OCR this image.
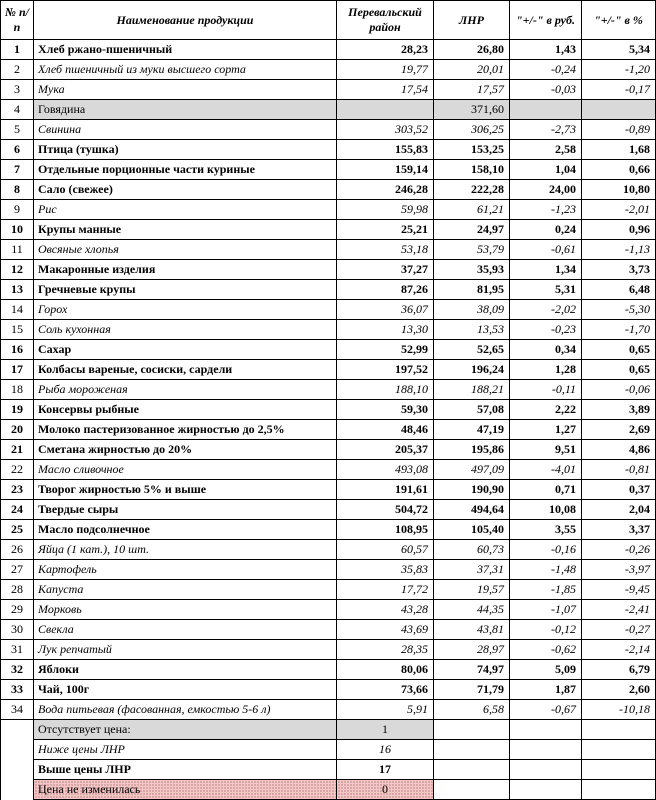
№ п/п	Наименование продукции	Перевальский район	ЛНР	"+/-" в руб.	"+/-" в %
1	Хлеб ржано-пшеничный	28,23	26,80	1,43	5,34
2	Хлеб пшеничный из муки высшего сорта	19,77	20,01	-0,24	-1,20
3	Мука	17,54	17,57	-0,03	-0,17
4	Говядина		371,60		
5	Свинина	303,52	306,25	-2,73	-0,89
6	Птица (тушка)	155,83	153,25	2,58	1,68
7	Отдельные порционные части куриные	159,14	158,10	1,04	0,66
8	Сало (свежее)	246,28	222,28	24,00	10,80
9	Рис	59,98	61,21	-1,23	-2,01
10	Крупы манные	25,21	24,97	0,24	0,96
11	Овсяные хлопья	53,18	53,79	-0,61	-1,13
12	Макаронные изделия	37,27	35,93	1,34	3,73
13	Гречневые крупы	87,26	81,95	5,31	6,48
14	Горох	36,07	38,09	-2,02	-5,30
15	Соль кухонная	13,30	13,53	-0,23	-1,70
16	Сахар	52,99	52,65	0,34	0,65
17	Колбасы вареные, сосиски, сардели	197,52	196,24	1,28	0,65
18	Рыба мороженая	188,10	188,21	-0,11	-0,06
19	Консервы рыбные	59,30	57,08	2,22	3,89
20	Молоко пастеризованное жирностью до 2,5%	48,46	47,19	1,27	2,69
21	Сметана жирностью до 20%	205,37	195,86	9,51	4,86
22	Масло сливочное	493,08	497,09	-4,01	-0,81
23	Творог жирностью 5% и выше	191,61	190,90	0,71	0,37
24	Твердые сыры	504,72	494,64	10,08	2,04
25	Масло подсолнечное	108,95	105,40	3,55	3,37
26	Яйца (1 кат.), 10 шт.	60,57	60,73	-0,16	-0,26
27	Картофель	35,83	37,31	-1,48	-3,97
28	Капуста	17,72	19,57	-1,85	-9,45
29	Морковь	43,28	44,35	-1,07	-2,41
30	Свекла	43,69	43,81	-0,12	-0,27
31	Лук репчатый	28,35	28,97	-0,62	-2,14
32	Яблоки	80,06	74,97	5,09	6,79
33	Чай, 100г	73,66	71,79	1,87	2,60
34	Вода питьевая (фасованная, емкостью 5-6 л)	5,91	6,58	-0,67	-10,18
	Отсутствует цена:	1			
	Ниже цены ЛНР	16			
	Выше цены ЛНР	17			
	Цена не изменилась	0			
